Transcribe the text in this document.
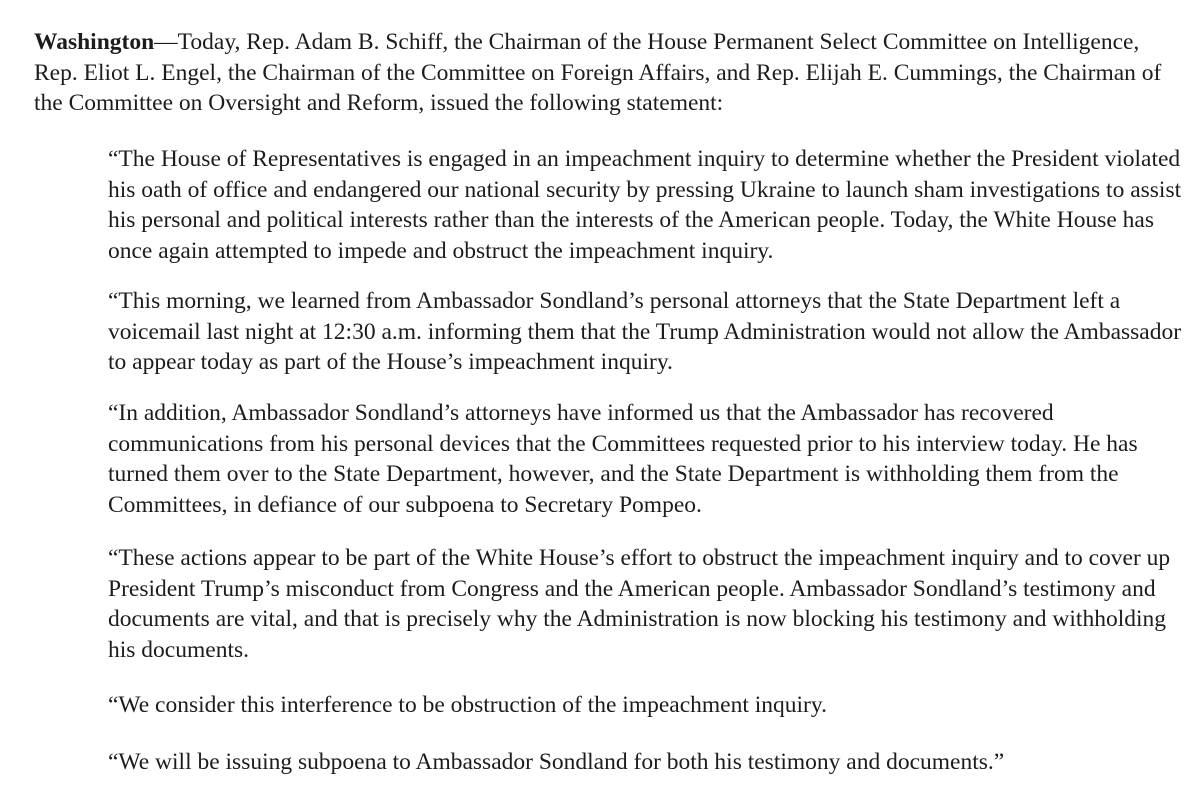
Washington—Today, Rep. Adam B. Schiff, the Chairman of the House Permanent Select Committee on Intelligence, Rep. Eliot L. Engel, the Chairman of the Committee on Foreign Affairs, and Rep. Elijah E. Cummings, the Chairman of the Committee on Oversight and Reform, issued the following statement:

“The House of Representatives is engaged in an impeachment inquiry to determine whether the President violated his oath of office and endangered our national security by pressing Ukraine to launch sham investigations to assist his personal and political interests rather than the interests of the American people. Today, the White House has once again attempted to impede and obstruct the impeachment inquiry.

“This morning, we learned from Ambassador Sondland’s personal attorneys that the State Department left a voicemail last night at 12:30 a.m. informing them that the Trump Administration would not allow the Ambassador to appear today as part of the House’s impeachment inquiry.

“In addition, Ambassador Sondland’s attorneys have informed us that the Ambassador has recovered communications from his personal devices that the Committees requested prior to his interview today. He has turned them over to the State Department, however, and the State Department is withholding them from the Committees, in defiance of our subpoena to Secretary Pompeo.

“These actions appear to be part of the White House’s effort to obstruct the impeachment inquiry and to cover up President Trump’s misconduct from Congress and the American people. Ambassador Sondland’s testimony and documents are vital, and that is precisely why the Administration is now blocking his testimony and withholding his documents.

“We consider this interference to be obstruction of the impeachment inquiry.

“We will be issuing subpoena to Ambassador Sondland for both his testimony and documents.”
